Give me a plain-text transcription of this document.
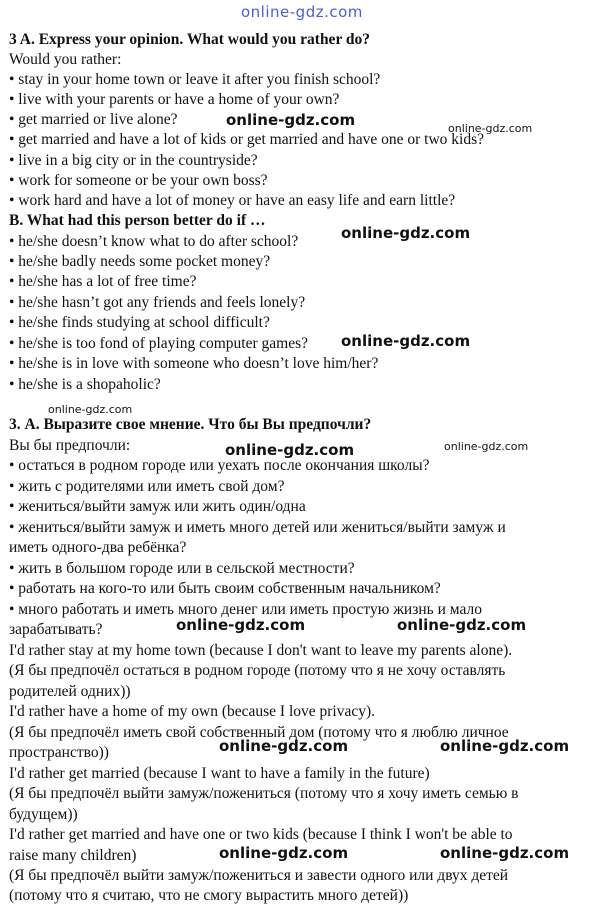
online-gdz.com
3 A. Express your opinion. What would you rather do?
Would you rather:
• stay in your home town or leave it after you finish school?
• live with your parents or have a home of your own?
• get married or live alone?
• get married and have a lot of kids or get married and have one or two kids?
• live in a big city or in the countryside?
• work for someone or be your own boss?
• work hard and have a lot of money or have an easy life and earn little?
B. What had this person better do if …
• he/she doesn’t know what to do after school?
• he/she badly needs some pocket money?
• he/she has a lot of free time?
• he/she hasn’t got any friends and feels lonely?
• he/she finds studying at school difficult?
• he/she is too fond of playing computer games?
• he/she is in love with someone who doesn’t love him/her?
• he/she is a shopaholic?
3. А. Выразите свое мнение. Что бы Вы предпочли?
Вы бы предпочли:
• остаться в родном городе или уехать после окончания школы?
• жить с родителями или иметь свой дом?
• жениться/выйти замуж или жить один/одна
• жениться/выйти замуж и иметь много детей или жениться/выйти замуж и
иметь одного-два ребёнка?
• жить в большом городе или в сельской местности?
• работать на кого-то или быть своим собственным начальником?
• много работать и иметь много денег или иметь простую жизнь и мало
зарабатывать?
I'd rather stay at my home town (because I don't want to leave my parents alone).
(Я бы предпочёл остаться в родном городе (потому что я не хочу оставлять
родителей одних))
I'd rather have a home of my own (because I love privacy).
(Я бы предпочёл иметь свой собственный дом (потому что я люблю личное
пространство))
I'd rather get married (because I want to have a family in the future)
(Я бы предпочёл выйти замуж/пожениться (потому что я хочу иметь семью в
будущем))
I'd rather get married and have one or two kids (because I think I won't be able to
raise many children)
(Я бы предпочёл выйти замуж/пожениться и завести одного или двух детей
(потому что я считаю, что не смогу вырастить много детей))
online-gdz.com	online-gdz.com
online-gdz.com
online-gdz.com
online-gdz.com
online-gdz.com	online-gdz.com
online-gdz.com	online-gdz.com
online-gdz.com	online-gdz.com
online-gdz.com	online-gdz.com
